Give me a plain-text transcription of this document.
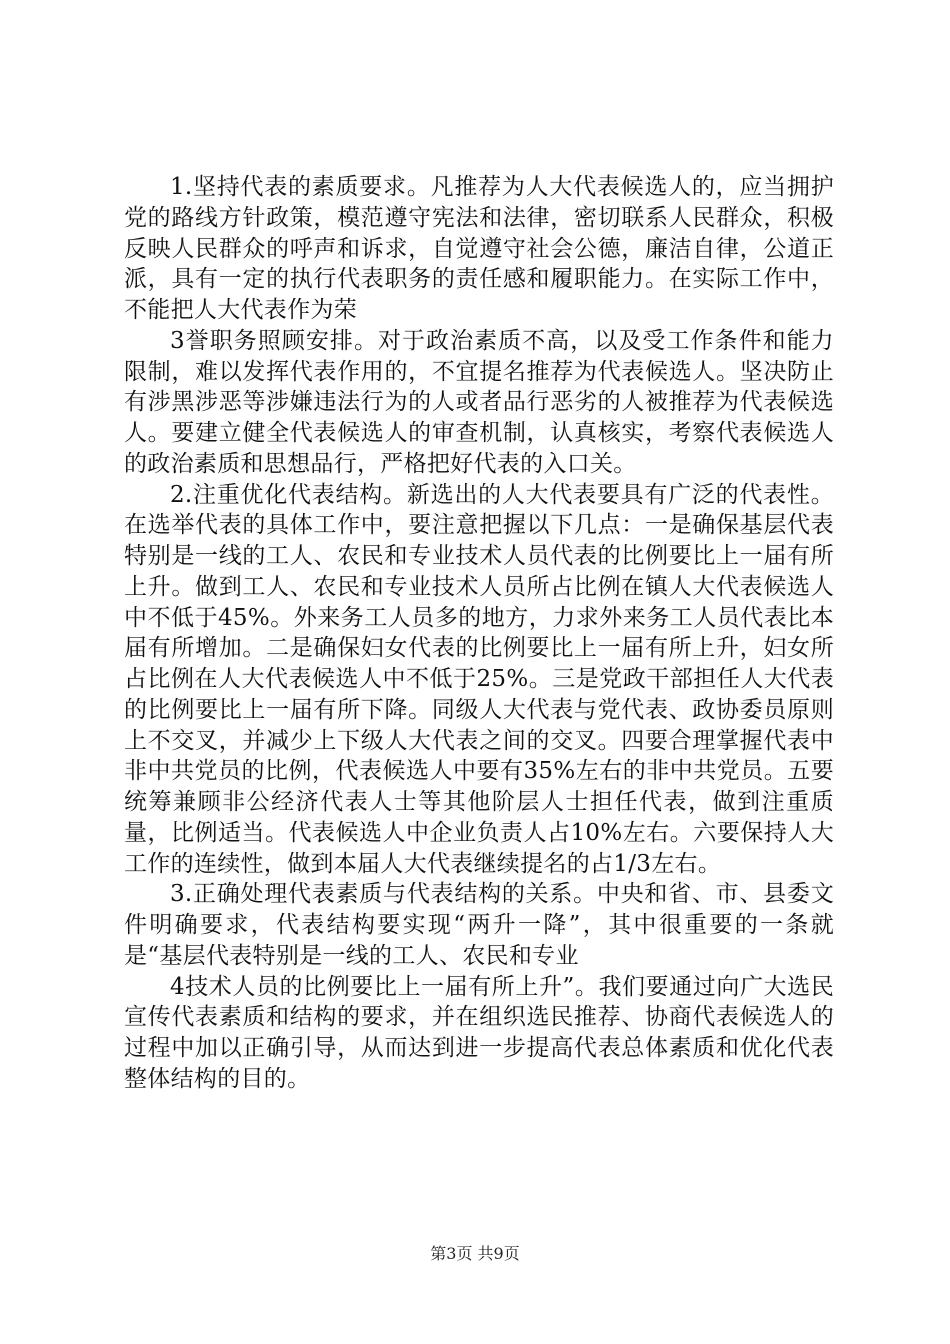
1.坚持代表的素质要求。凡推荐为人大代表候选人的，应当拥护党的路线方针政策，模范遵守宪法和法律，密切联系人民群众，积极反映人民群众的呼声和诉求，自觉遵守社会公德，廉洁自律，公道正派，具有一定的执行代表职务的责任感和履职能力。在实际工作中，不能把人大代表作为荣

3誉职务照顾安排。对于政治素质不高，以及受工作条件和能力限制，难以发挥代表作用的，不宜提名推荐为代表候选人。坚决防止有涉黑涉恶等涉嫌违法行为的人或者品行恶劣的人被推荐为代表候选人。要建立健全代表候选人的审查机制，认真核实，考察代表候选人的政治素质和思想品行，严格把好代表的入口关。

2.注重优化代表结构。新选出的人大代表要具有广泛的代表性。在选举代表的具体工作中，要注意把握以下几点：一是确保基层代表特别是一线的工人、农民和专业技术人员代表的比例要比上一届有所上升。做到工人、农民和专业技术人员所占比例在镇人大代表候选人中不低于45%。外来务工人员多的地方，力求外来务工人员代表比本届有所增加。二是确保妇女代表的比例要比上一届有所上升，妇女所占比例在人大代表候选人中不低于25%。三是党政干部担任人大代表的比例要比上一届有所下降。同级人大代表与党代表、政协委员原则上不交叉，并减少上下级人大代表之间的交叉。四要合理掌握代表中非中共党员的比例，代表候选人中要有35%左右的非中共党员。五要统筹兼顾非公经济代表人士等其他阶层人士担任代表，做到注重质量，比例适当。代表候选人中企业负责人占10%左右。六要保持人大工作的连续性，做到本届人大代表继续提名的占1/3左右。

3.正确处理代表素质与代表结构的关系。中央和省、市、县委文件明确要求，代表结构要实现“两升一降”，其中很重要的一条就是“基层代表特别是一线的工人、农民和专业

4技术人员的比例要比上一届有所上升”。我们要通过向广大选民宣传代表素质和结构的要求，并在组织选民推荐、协商代表候选人的过程中加以正确引导，从而达到进一步提高代表总体素质和优化代表整体结构的目的。

第3页 共9页
